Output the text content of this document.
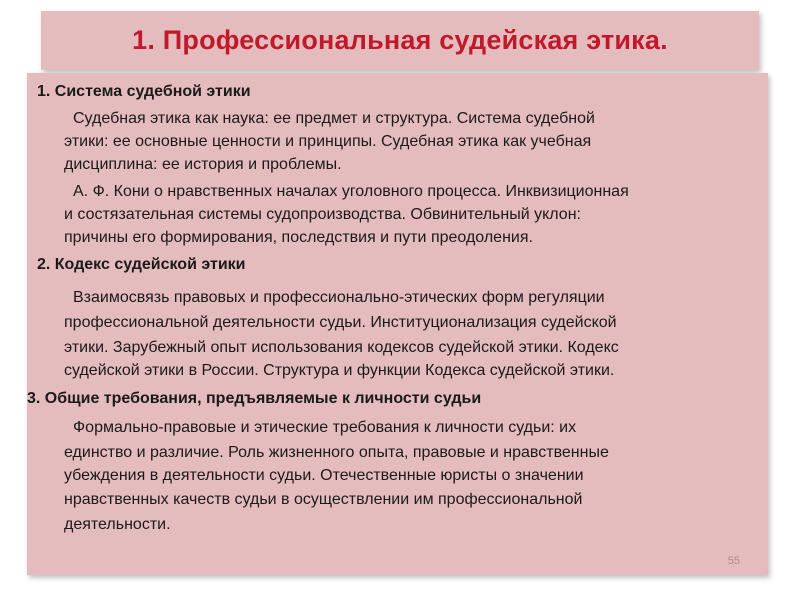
1. Профессиональная судейская этика.
1. Система судебной этики
Судебная этика как наука: ее предмет и структура. Система судебной
этики: ее основные ценности и принципы. Судебная этика как учебная
дисциплина: ее история и проблемы.
А. Ф. Кони о нравственных началах уголовного процесса. Инквизиционная
и состязательная системы судопроизводства. Обвинительный уклон:
причины его формирования, последствия и пути преодоления.
2. Кодекс судейской этики
Взаимосвязь правовых и профессионально-этических форм регуляции
профессиональной деятельности судьи. Институционализация судейской
этики. Зарубежный опыт использования кодексов судейской этики. Кодекс
судейской этики в России. Структура и функции Кодекса судейской этики.
3. Общие требования, предъявляемые к личности судьи
Формально-правовые и этические требования к личности судьи: их
единство и различие. Роль жизненного опыта, правовые и нравственные
убеждения в деятельности судьи. Отечественные юристы о значении
нравственных качеств судьи в осуществлении им профессиональной
деятельности.
55
